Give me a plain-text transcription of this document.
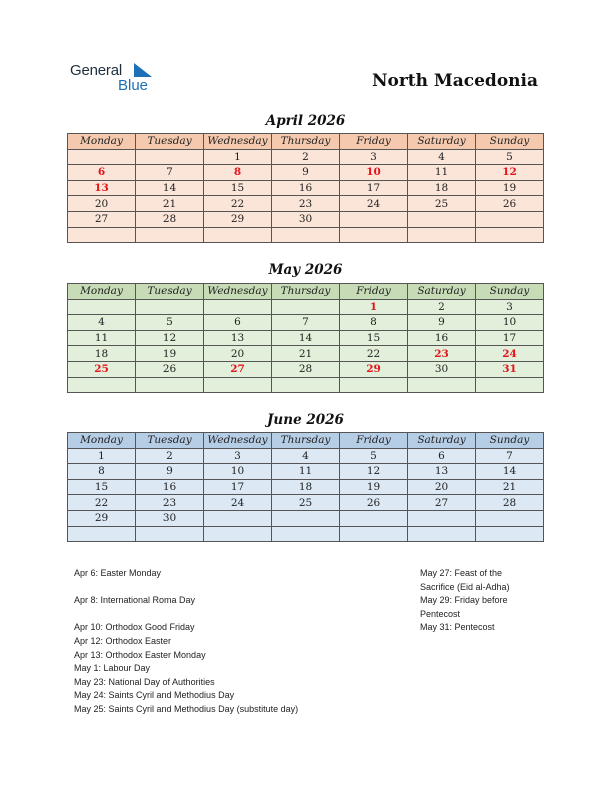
General
Blue	North Macedonia
April 2026
Monday	Tuesday	Wednesday	Thursday	Friday	Saturday	Sunday
		1	2	3	4	5
6	7	8	9	10	11	12
13	14	15	16	17	18	19
20	21	22	23	24	25	26
27	28	29	30			

May 2026
Monday	Tuesday	Wednesday	Thursday	Friday	Saturday	Sunday
				1	2	3
4	5	6	7	8	9	10
11	12	13	14	15	16	17
18	19	20	21	22	23	24
25	26	27	28	29	30	31

June 2026
Monday	Tuesday	Wednesday	Thursday	Friday	Saturday	Sunday
1	2	3	4	5	6	7
8	9	10	11	12	13	14
15	16	17	18	19	20	21
22	23	24	25	26	27	28
29	30					

Apr 6: Easter Monday

Apr 8: International Roma Day

Apr 10: Orthodox Good Friday
Apr 12: Orthodox Easter
Apr 13: Orthodox Easter Monday
May 1: Labour Day
May 23: National Day of Authorities
May 24: Saints Cyril and Methodius Day
May 25: Saints Cyril and Methodius Day (substitute day)
May 27: Feast of the
Sacrifice (Eid al-Adha)
May 29: Friday before
Pentecost
May 31: Pentecost
